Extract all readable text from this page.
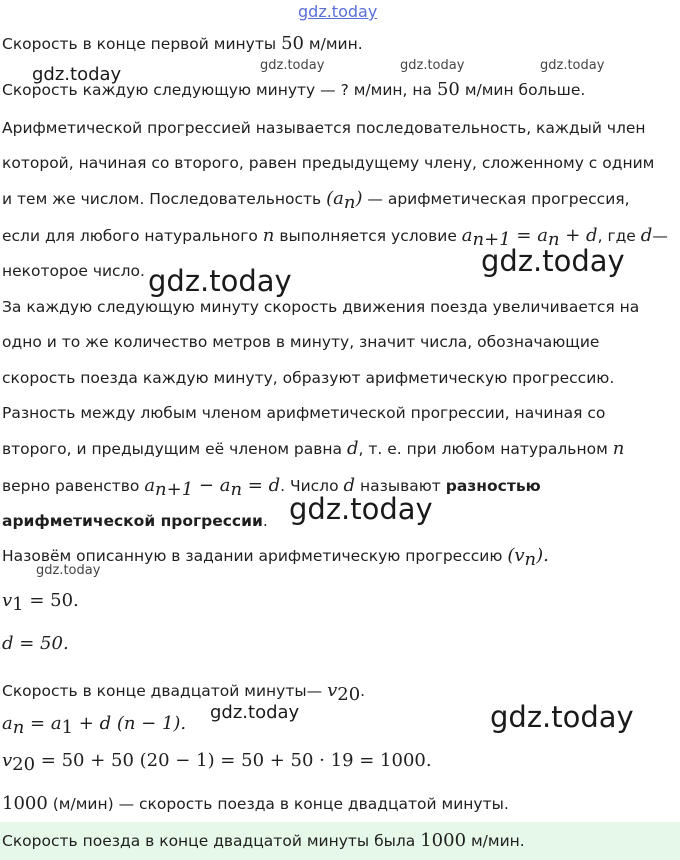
gdz.today
gdz.today	gdz.today	gdz.today	gdz.today
gdz.today
gdz.today
gdz.today
gdz.today
gdz.today	gdz.today
Скорость в конце первой минуты 50 м/мин.
Скорость каждую следующую минуту — ? м/мин, на 50 м/мин больше.
Арифметической прогрессией называется последовательность, каждый член
которой, начиная со второго, равен предыдущему члену, сложенному с одним
и тем же числом. Последовательность $(a_n)$ — арифметическая прогрессия,
если для любого натурального n выполняется условие $a_{n+1} = a_n + d$, где d—
некоторое число.
За каждую следующую минуту скорость движения поезда увеличивается на
одно и то же количество метров в минуту, значит числа, обозначающие
скорость поезда каждую минуту, образуют арифметическую прогрессию.
Разность между любым членом арифметической прогрессии, начиная со
второго, и предыдущим её членом равна d, т. е. при любом натуральном n
верно равенство $a_{n+1} - a_n = d$. Число d называют разностью
арифметической прогрессии.
Назовём описанную в задании арифметическую прогрессию $(v_n)$.
$v_1 = 50$.
d = 50.
Скорость в конце двадцатой минуты— $v_{20}$.
$a_n = a_1 + d$ (n − 1).
$v_{20} = 50 + 50$ (20 − 1) = 50 + 50 · 19 = 1000.
1000 (м/мин) — скорость поезда в конце двадцатой минуты.
Скорость поезда в конце двадцатой минуты была 1000 м/мин.
